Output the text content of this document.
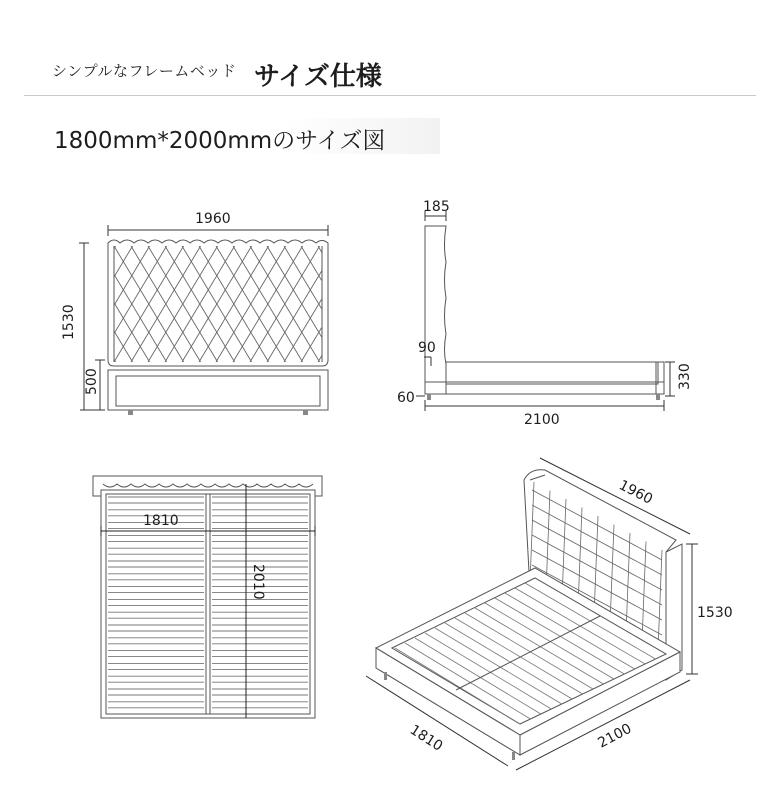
シンプルなフレームベッド サイズ仕様
1800mm*2000mmのサイズ図
1960
1530
500
185
90
60
2100
330
1810
2010
1960
1530
1810	2100
